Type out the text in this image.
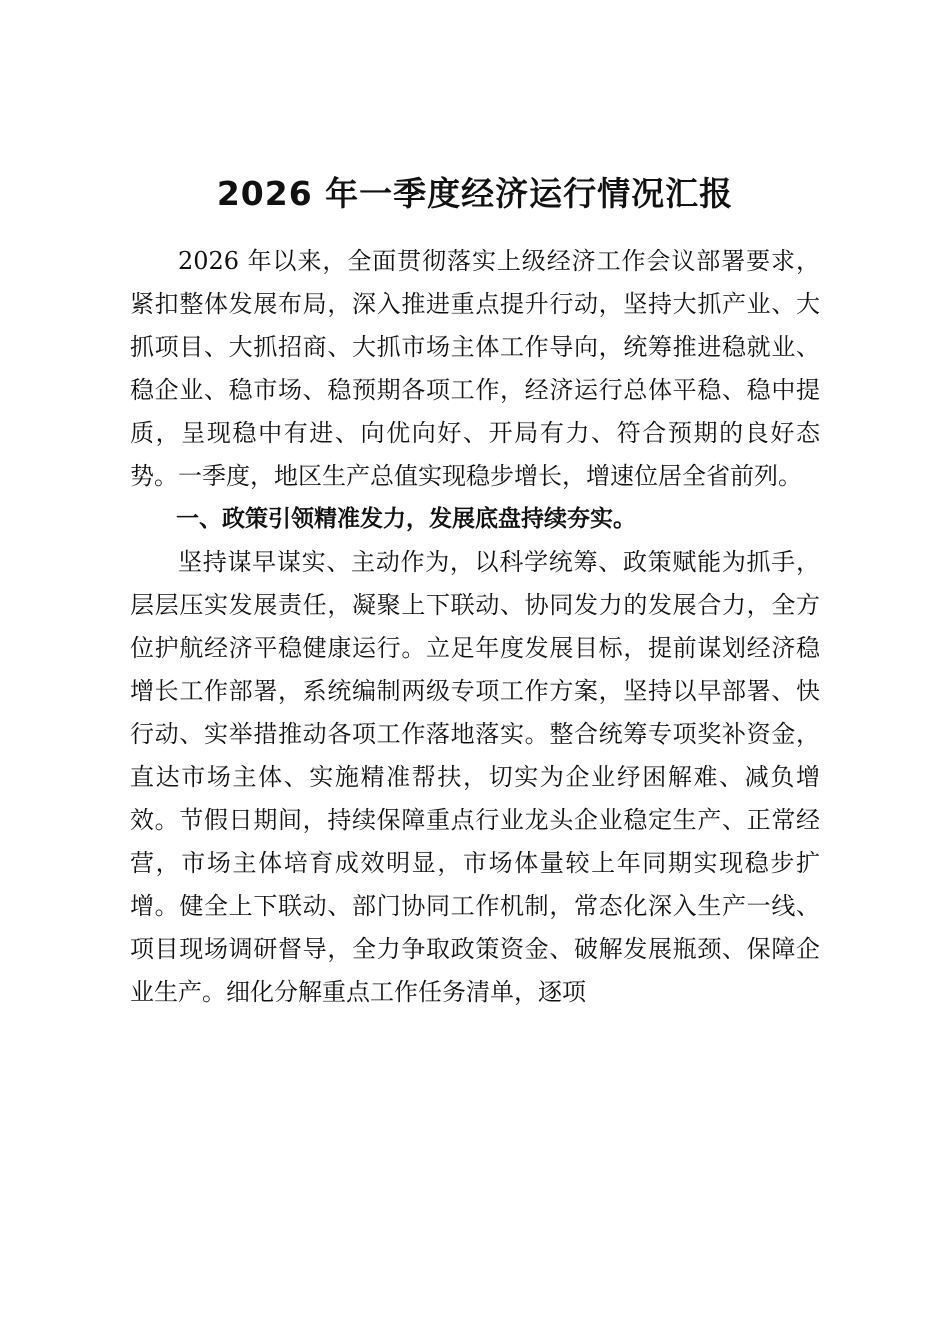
2026 年一季度经济运行情况汇报

2026 年以来，全面贯彻落实上级经济工作会议部署要求，紧扣整体发展布局，深入推进重点提升行动，坚持大抓产业、大抓项目、大抓招商、大抓市场主体工作导向，统筹推进稳就业、稳企业、稳市场、稳预期各项工作，经济运行总体平稳、稳中提质，呈现稳中有进、向优向好、开局有力、符合预期的良好态势。一季度，地区生产总值实现稳步增长，增速位居全省前列。

一、政策引领精准发力，发展底盘持续夯实。

坚持谋早谋实、主动作为，以科学统筹、政策赋能为抓手，层层压实发展责任，凝聚上下联动、协同发力的发展合力，全方位护航经济平稳健康运行。立足年度发展目标，提前谋划经济稳增长工作部署，系统编制两级专项工作方案，坚持以早部署、快行动、实举措推动各项工作落地落实。整合统筹专项奖补资金，直达市场主体、实施精准帮扶，切实为企业纾困解难、减负增效。节假日期间，持续保障重点行业龙头企业稳定生产、正常经营，市场主体培育成效明显，市场体量较上年同期实现稳步扩增。健全上下联动、部门协同工作机制，常态化深入生产一线、项目现场调研督导，全力争取政策资金、破解发展瓶颈、保障企业生产。细化分解重点工作任务清单，逐项
